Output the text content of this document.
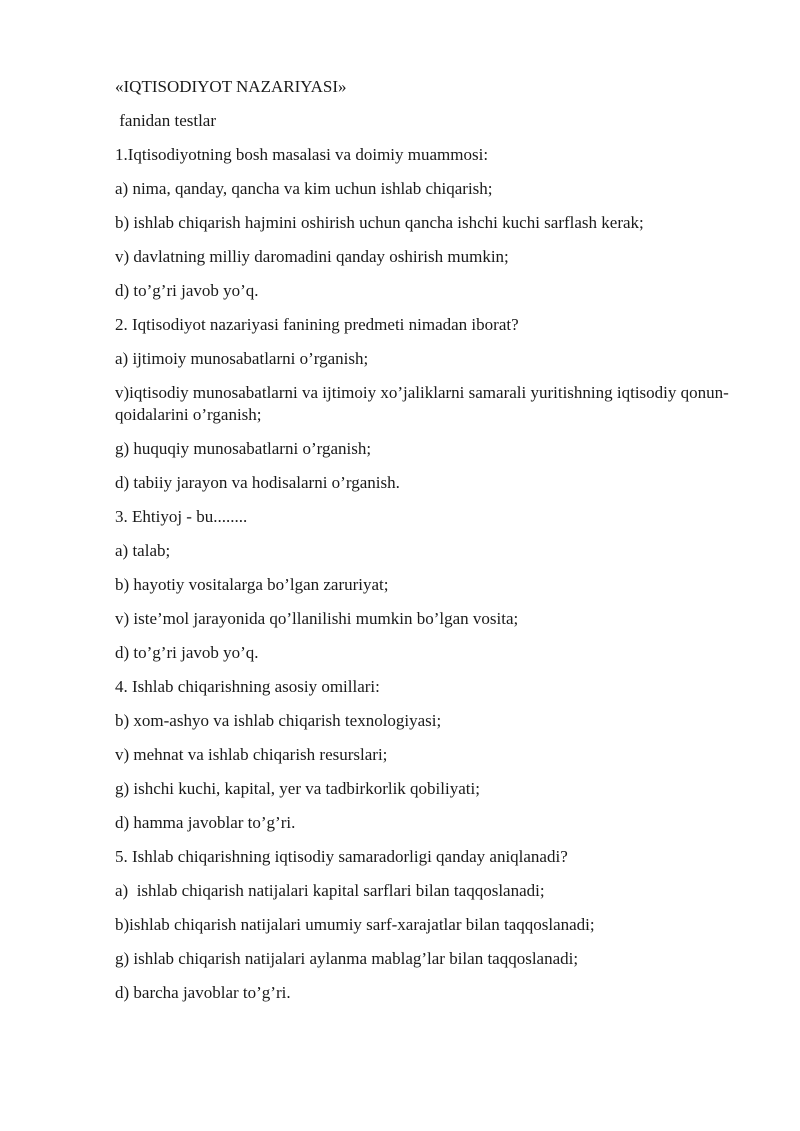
«IQTISODIYOT NAZARIYASI»
fanidan testlar
1.Iqtisodiyotning bosh masalasi va doimiy muammosi:
a) nima, qanday, qancha va kim uchun ishlab chiqarish;
b) ishlab chiqarish hajmini oshirish uchun qancha ishchi kuchi sarflash kerak;
v) davlatning milliy daromadini qanday oshirish mumkin;
d) to’g’ri javob yo’q.
2. Iqtisodiyot nazariyasi fanining predmeti nimadan iborat?
a) ijtimoiy munosabatlarni o’rganish;
v)iqtisodiy munosabatlarni va ijtimoiy xo’jaliklarni samarali yuritishning iqtisodiy qonun-qoidalarini o’rganish;
g) huquqiy munosabatlarni o’rganish;
d) tabiiy jarayon va hodisalarni o’rganish.
3. Ehtiyoj - bu........
a) talab;
b) hayotiy vositalarga bo’lgan zaruriyat;
v) iste’mol jarayonida qo’llanilishi mumkin bo’lgan vosita;
d) to’g’ri javob yo’q.
4. Ishlab chiqarishning asosiy omillari:
b) xom-ashyo va ishlab chiqarish texnologiyasi;
v) mehnat va ishlab chiqarish resurslari;
g) ishchi kuchi, kapital, yer va tadbirkorlik qobiliyati;
d) hamma javoblar to’g’ri.
5. Ishlab chiqarishning iqtisodiy samaradorligi qanday aniqlanadi?
a)  ishlab chiqarish natijalari kapital sarflari bilan taqqoslanadi;
b)ishlab chiqarish natijalari umumiy sarf-xarajatlar bilan taqqoslanadi;
g) ishlab chiqarish natijalari aylanma mablag’lar bilan taqqoslanadi;
d) barcha javoblar to’g’ri.
